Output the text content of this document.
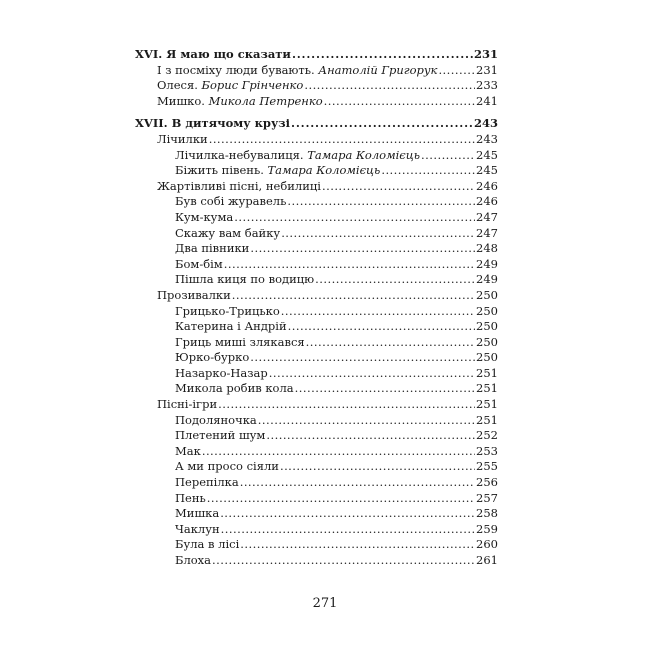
XVI. Я маю що сказати . . .	231
І з посміху люди бувають. Анатолій Григорук . . .	231
Олеся. Борис Грінченко . . .	233
Мишко. Микола Петренко . . .	241
XVII. В дитячому крузі . . .	243
Лічилки . . .	243
Лічилка-небувалиця. Тамара Коломієць . . .	245
Біжить півень. Тамара Коломієць . . .	245
Жартівливі пісні, небилиці . . .	246
Був собі журавель . . .	246
Кум-кума . . .	247
Скажу вам байку . . .	247
Два півники . . .	248
Бом-бім . . .	249
Пішла киця по водицю . . .	249
Прозивалки . . .	250
Грицько-Трицько . . .	250
Катерина і Андрій . . .	250
Гриць миші злякався . . .	250
Юрко-бурко . . .	250
Назарко-Назар . . .	251
Микола робив кола . . .	251
Пісні-ігри . . .	251
Подоляночка . . .	251
Плетений шум . . .	252
Мак . . .	253
А ми просо сіяли . . .	255
Перепілка . . .	256
Пень . . .	257
Мишка . . .	258
Чаклун . . .	259
Була в лісі . . .	260
Блоха . . .	261
271
